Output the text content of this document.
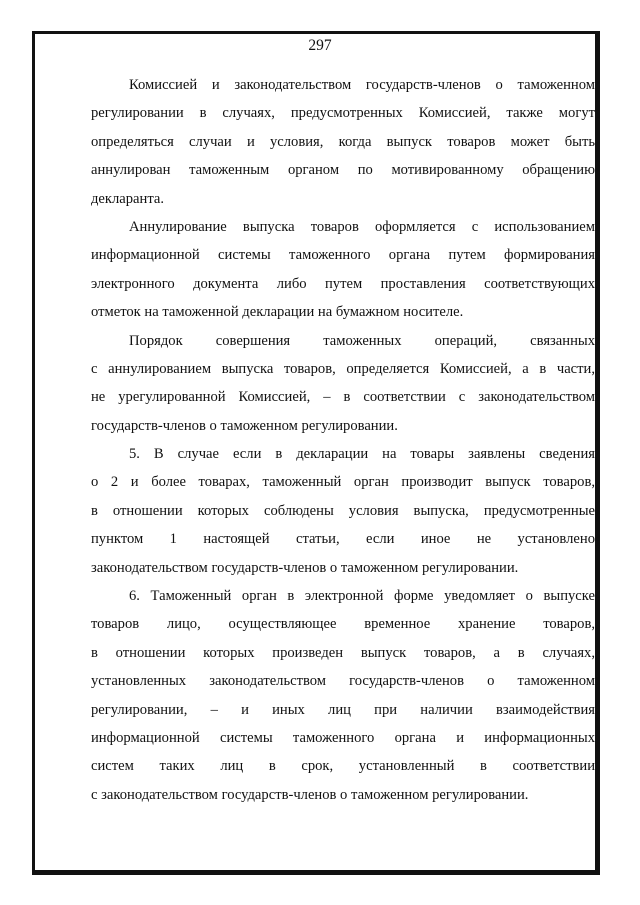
297
Комиссией и законодательством государств-членов о таможенном
регулировании в случаях, предусмотренных Комиссией, также могут
определяться случаи и условия, когда выпуск товаров может быть
аннулирован таможенным органом по мотивированному обращению
декларанта.
Аннулирование выпуска товаров оформляется с использованием
информационной системы таможенного органа путем формирования
электронного документа либо путем проставления соответствующих
отметок на таможенной декларации на бумажном носителе.
Порядок совершения таможенных операций, связанных
с аннулированием выпуска товаров, определяется Комиссией, а в части,
не урегулированной Комиссией, – в соответствии с законодательством
государств-членов о таможенном регулировании.
5. В случае если в декларации на товары заявлены сведения
о 2 и более товарах, таможенный орган производит выпуск товаров,
в отношении которых соблюдены условия выпуска, предусмотренные
пунктом 1 настоящей статьи, если иное не установлено
законодательством государств-членов о таможенном регулировании.
6. Таможенный орган в электронной форме уведомляет о выпуске
товаров лицо, осуществляющее временное хранение товаров,
в отношении которых произведен выпуск товаров, а в случаях,
установленных законодательством государств-членов о таможенном
регулировании, – и иных лиц при наличии взаимодействия
информационной системы таможенного органа и информационных
систем таких лиц в срок, установленный в соответствии
с законодательством государств-членов о таможенном регулировании.
